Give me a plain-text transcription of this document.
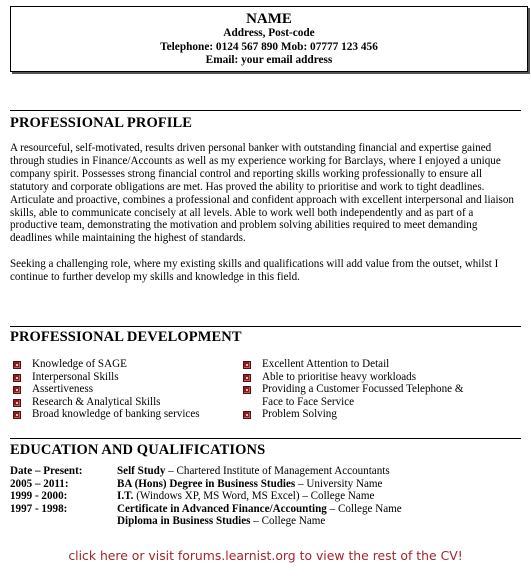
NAME
Address, Post-code
Telephone: 0124 567 890 Mob: 07777 123 456
Email: your email address
PROFESSIONAL PROFILE

A resourceful, self-motivated, results driven personal banker with outstanding financial and expertise gained through studies in Finance/Accounts as well as my experience working for Barclays, where I enjoyed a unique company spirit. Possesses strong financial control and reporting skills working professionally to ensure all statutory and corporate obligations are met. Has proved the ability to prioritise and work to tight deadlines. Articulate and proactive, combines a professional and confident approach with excellent interpersonal and liaison skills, able to communicate concisely at all levels. Able to work well both independently and as part of a productive team, demonstrating the motivation and problem solving abilities required to meet demanding deadlines while maintaining the highest of standards.

Seeking a challenging role, where my existing skills and qualifications will add value from the outset, whilst I continue to further develop my skills and knowledge in this field.

PROFESSIONAL DEVELOPMENT
Knowledge of SAGE
Interpersonal Skills
Assertiveness
Research & Analytical Skills
Broad knowledge of banking services
Excellent Attention to Detail
Able to prioritise heavy workloads
Providing a Customer Focussed Telephone & Face to Face Service
Problem Solving
EDUCATION AND QUALIFICATIONS
Date – Present:	Self Study – Chartered Institute of Management Accountants
2005 – 2011:	BA (Hons) Degree in Business Studies – University Name
1999 - 2000:	I.T. (Windows XP, MS Word, MS Excel) – College Name
1997 - 1998:	Certificate in Advanced Finance/Accounting – College Name
Diploma in Business Studies – College Name
click here or visit forums.learnist.org to view the rest of the CV!
